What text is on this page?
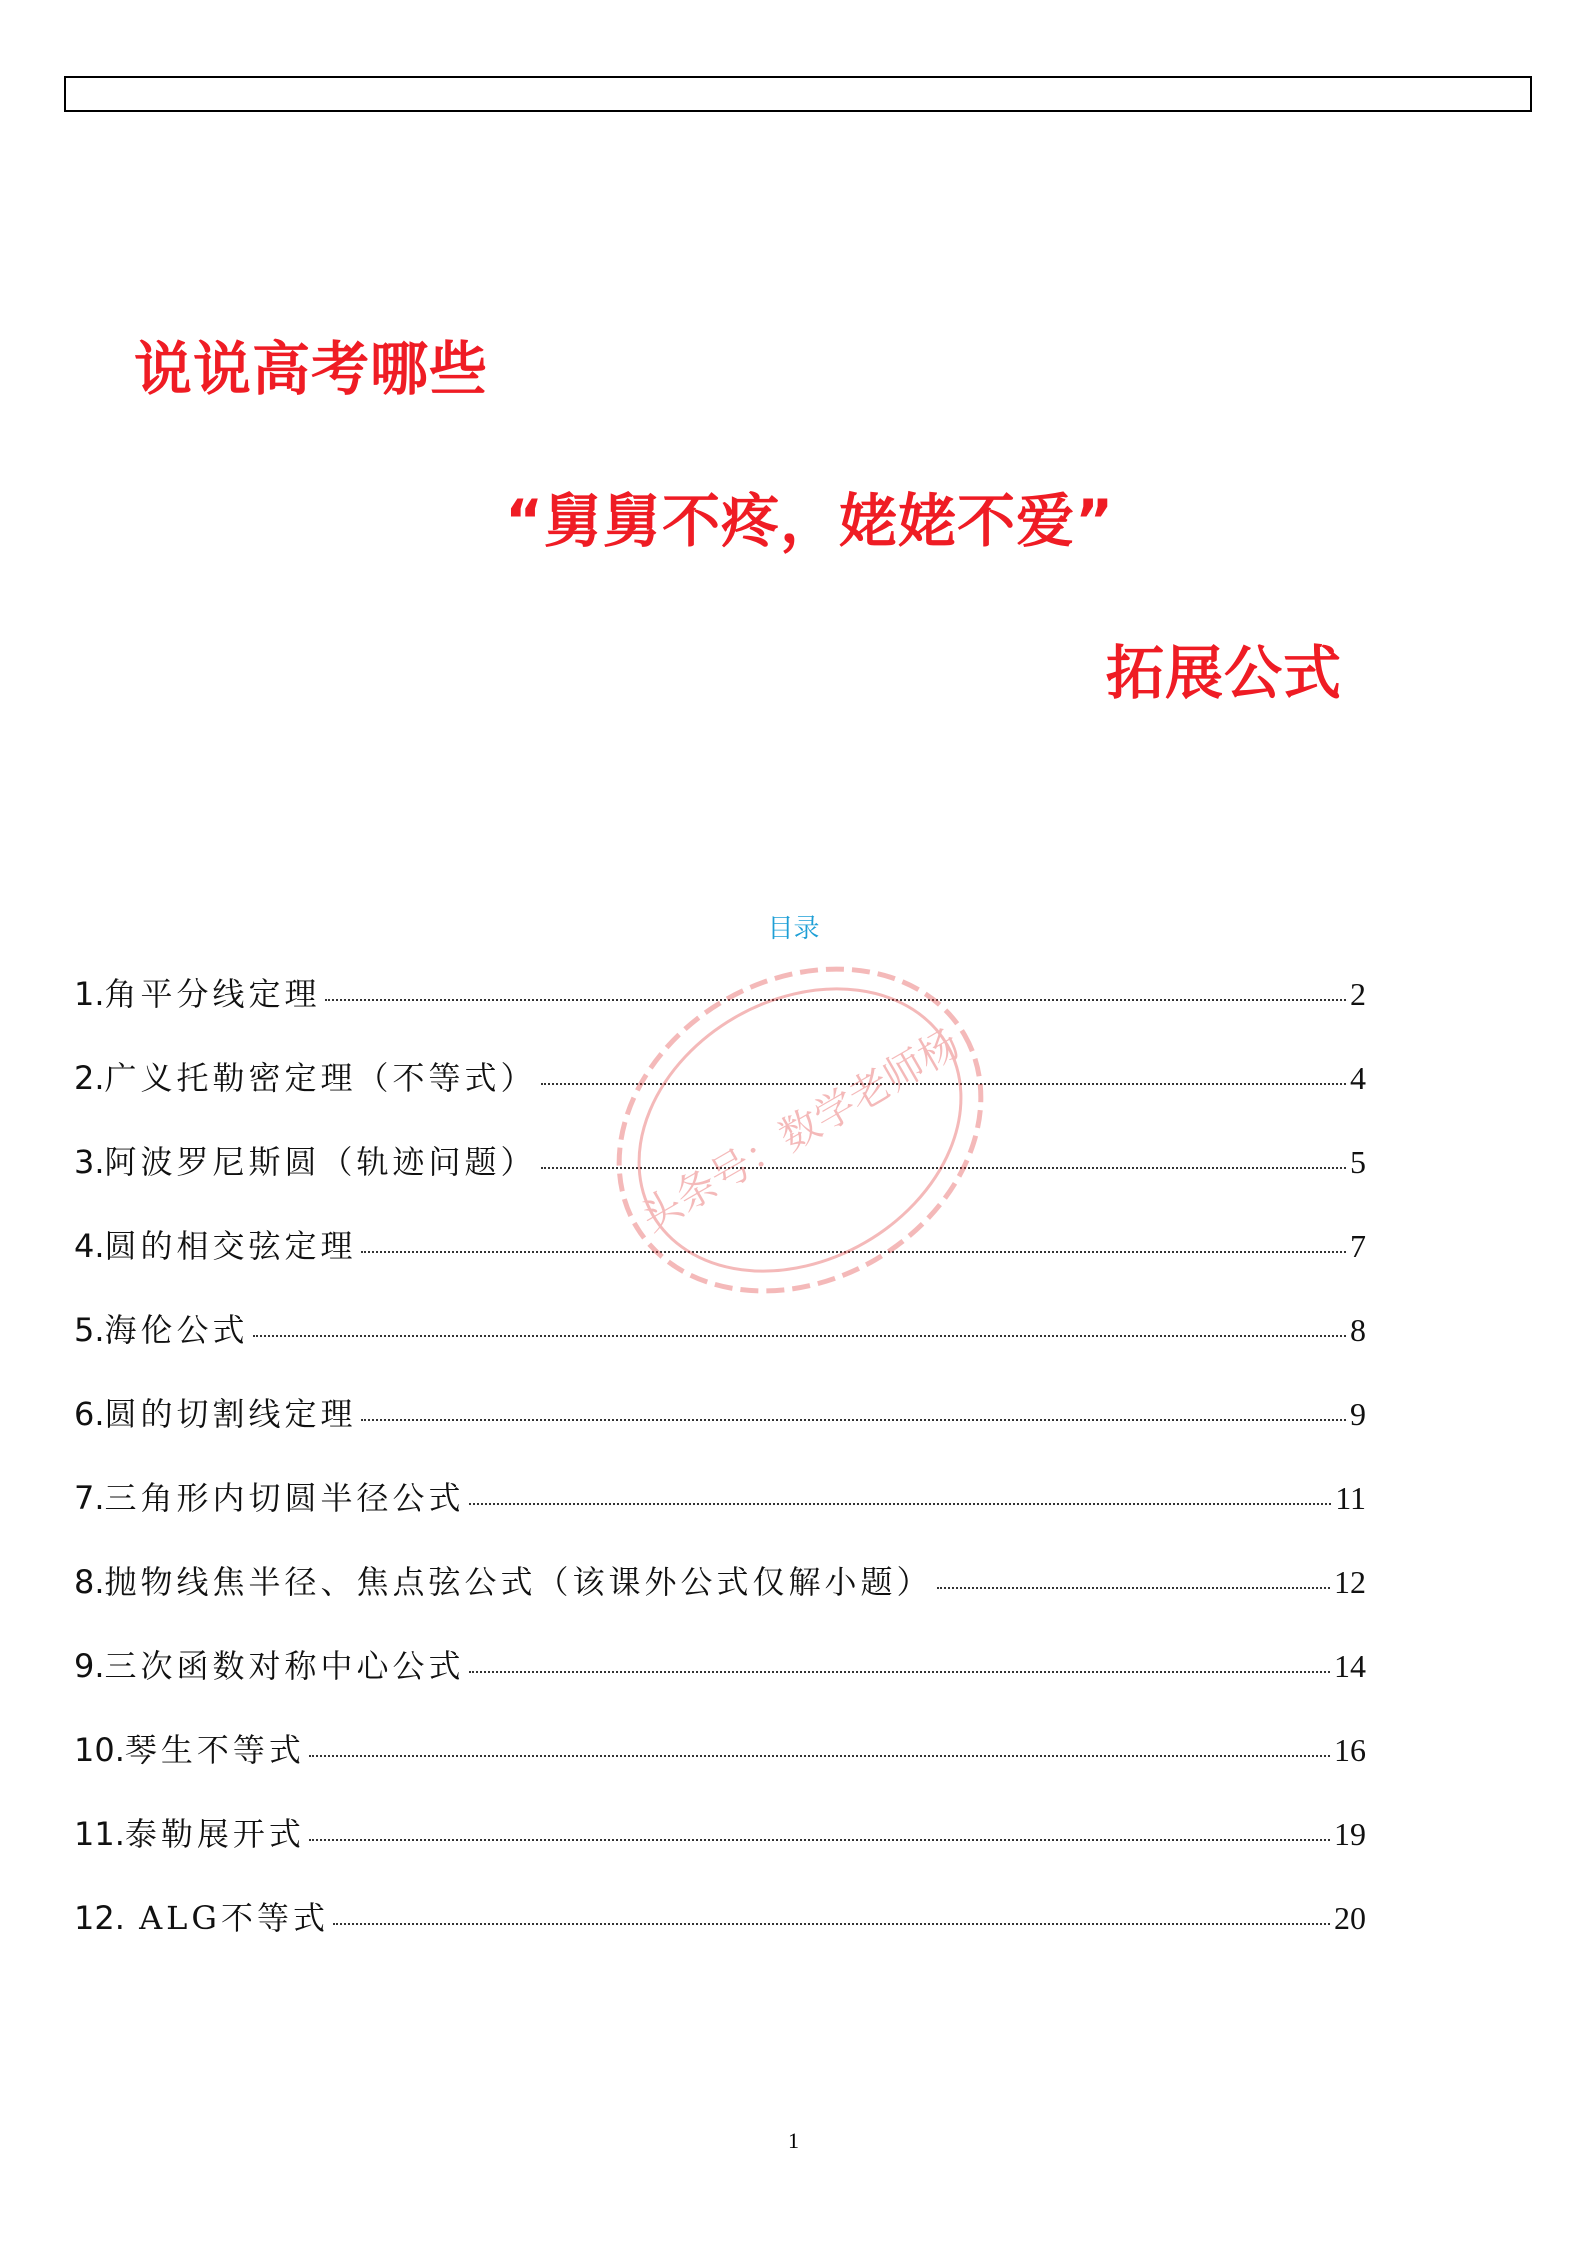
说说高考哪些
“舅舅不疼，姥姥不爱”
拓展公式
目录
1.角平分线定理	2
2.广义托勒密定理（不等式）	4
3.阿波罗尼斯圆（轨迹问题）	5
4.圆的相交弦定理	7
5.海伦公式	8
6.圆的切割线定理	9
7.三角形内切圆半径公式	11
8.抛物线焦半径、焦点弦公式（该课外公式仅解小题）	12
9.三次函数对称中心公式	14
10.琴生不等式	16
11.泰勒展开式	19
12. ALG不等式	20
头条号：数学老师杨
1
